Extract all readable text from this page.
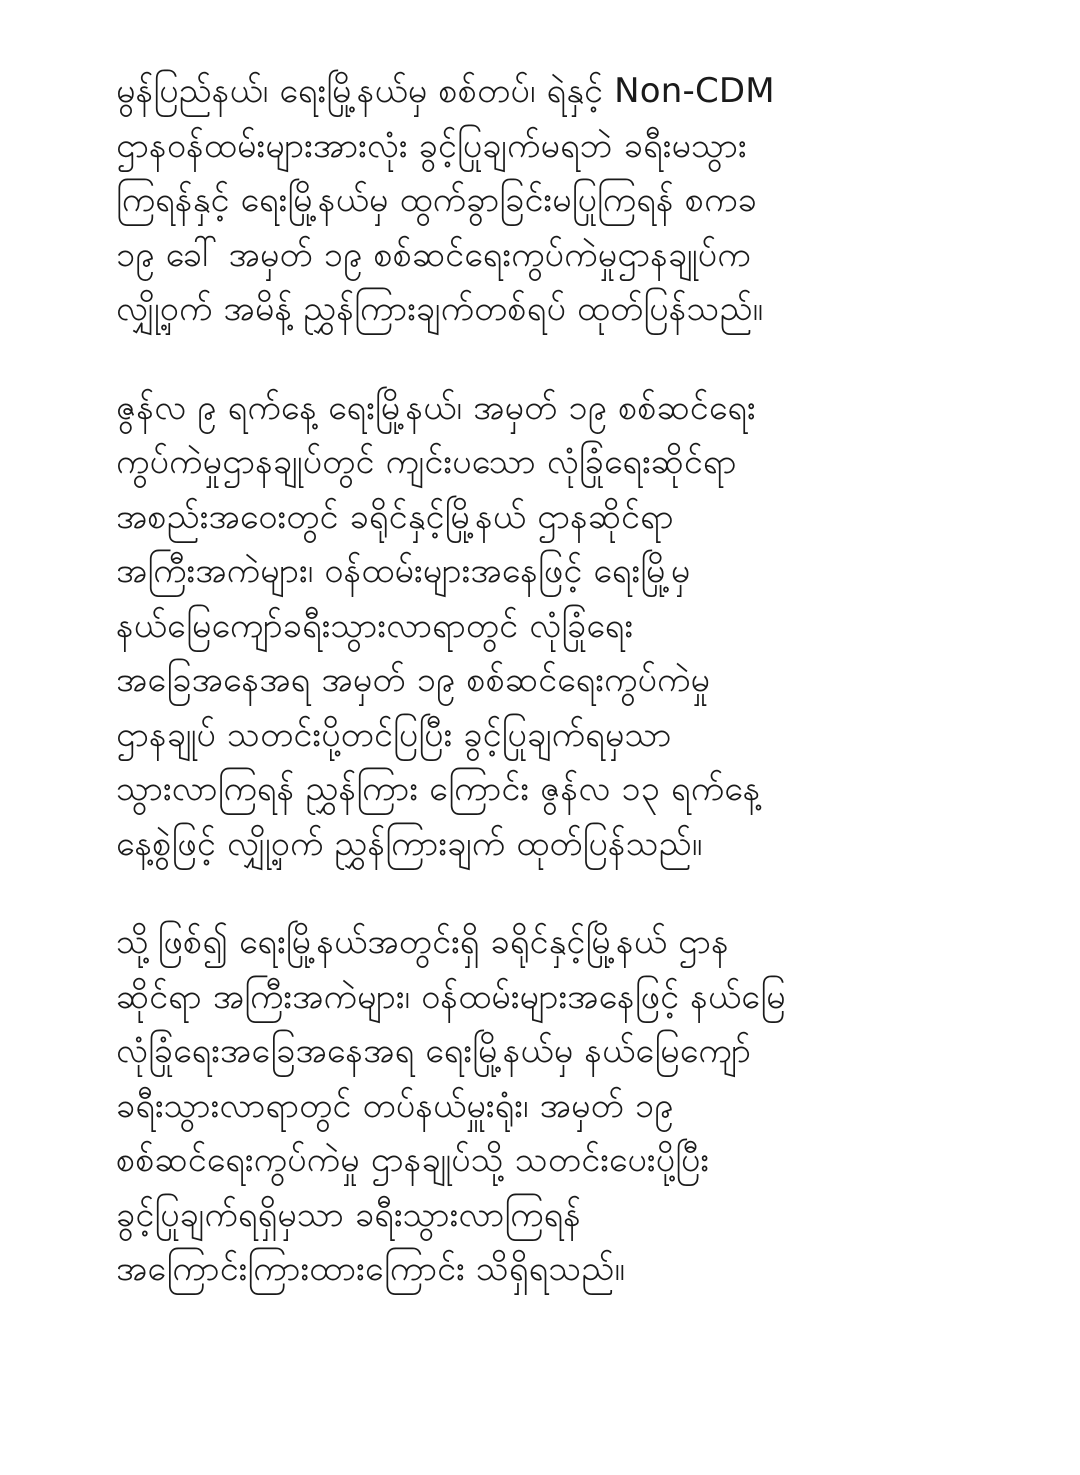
မွန်ပြည်နယ်၊ ရေးမြို့နယ်မှ စစ်တပ်၊ ရဲနှင့် Non-CDM
ဌာနဝန်ထမ်းများအားလုံး ခွင့်ပြုချက်မရဘဲ ခရီးမသွား
ကြရန်နှင့် ရေးမြို့နယ်မှ ထွက်ခွာခြင်းမပြုကြရန် စကခ
၁၉ ခေါ် အမှတ် ၁၉ စစ်ဆင်ရေးကွပ်ကဲမှုဌာနချုပ်က
လျှို့ဝှက် အမိန့် ညွှန်ကြားချက်တစ်ရပ် ထုတ်ပြန်သည်။
ဇွန်လ ၉ ရက်နေ့ ရေးမြို့နယ်၊ အမှတ် ၁၉ စစ်ဆင်ရေး
ကွပ်ကဲမှုဌာနချုပ်တွင် ကျင်းပသော လုံခြုံရေးဆိုင်ရာ
အစည်းအဝေးတွင် ခရိုင်နှင့်မြို့နယ် ဌာနဆိုင်ရာ
အကြီးအကဲများ၊ ဝန်ထမ်းများအနေဖြင့် ရေးမြို့မှ
နယ်မြေကျော်ခရီးသွားလာရာတွင် လုံခြုံရေး
အခြေအနေအရ အမှတ် ၁၉ စစ်ဆင်ရေးကွပ်ကဲမှု
ဌာနချုပ် သတင်းပို့တင်ပြပြီး ခွင့်ပြုချက်ရမှသာ
သွားလာကြရန် ညွှန်ကြား ကြောင်း ဇွန်လ ၁၃ ရက်နေ့
နေ့စွဲဖြင့် လျှို့ဝှက် ညွှန်ကြားချက် ထုတ်ပြန်သည်။
သို့ဖြစ်၍ ရေးမြို့နယ်အတွင်းရှိ ခရိုင်နှင့်မြို့နယ် ဌာန
ဆိုင်ရာ အကြီးအကဲများ၊ ဝန်ထမ်းများအနေဖြင့် နယ်မြေ
လုံခြုံရေးအခြေအနေအရ ရေးမြို့နယ်မှ နယ်မြေကျော်
ခရီးသွားလာရာတွင် တပ်နယ်မှူးရုံး၊ အမှတ် ၁၉
စစ်ဆင်ရေးကွပ်ကဲမှု ဌာနချုပ်သို့ သတင်းပေးပို့ပြီး
ခွင့်ပြုချက်ရရှိမှသာ ခရီးသွားလာကြရန်
အကြောင်းကြားထားကြောင်း သိရှိရသည်။
